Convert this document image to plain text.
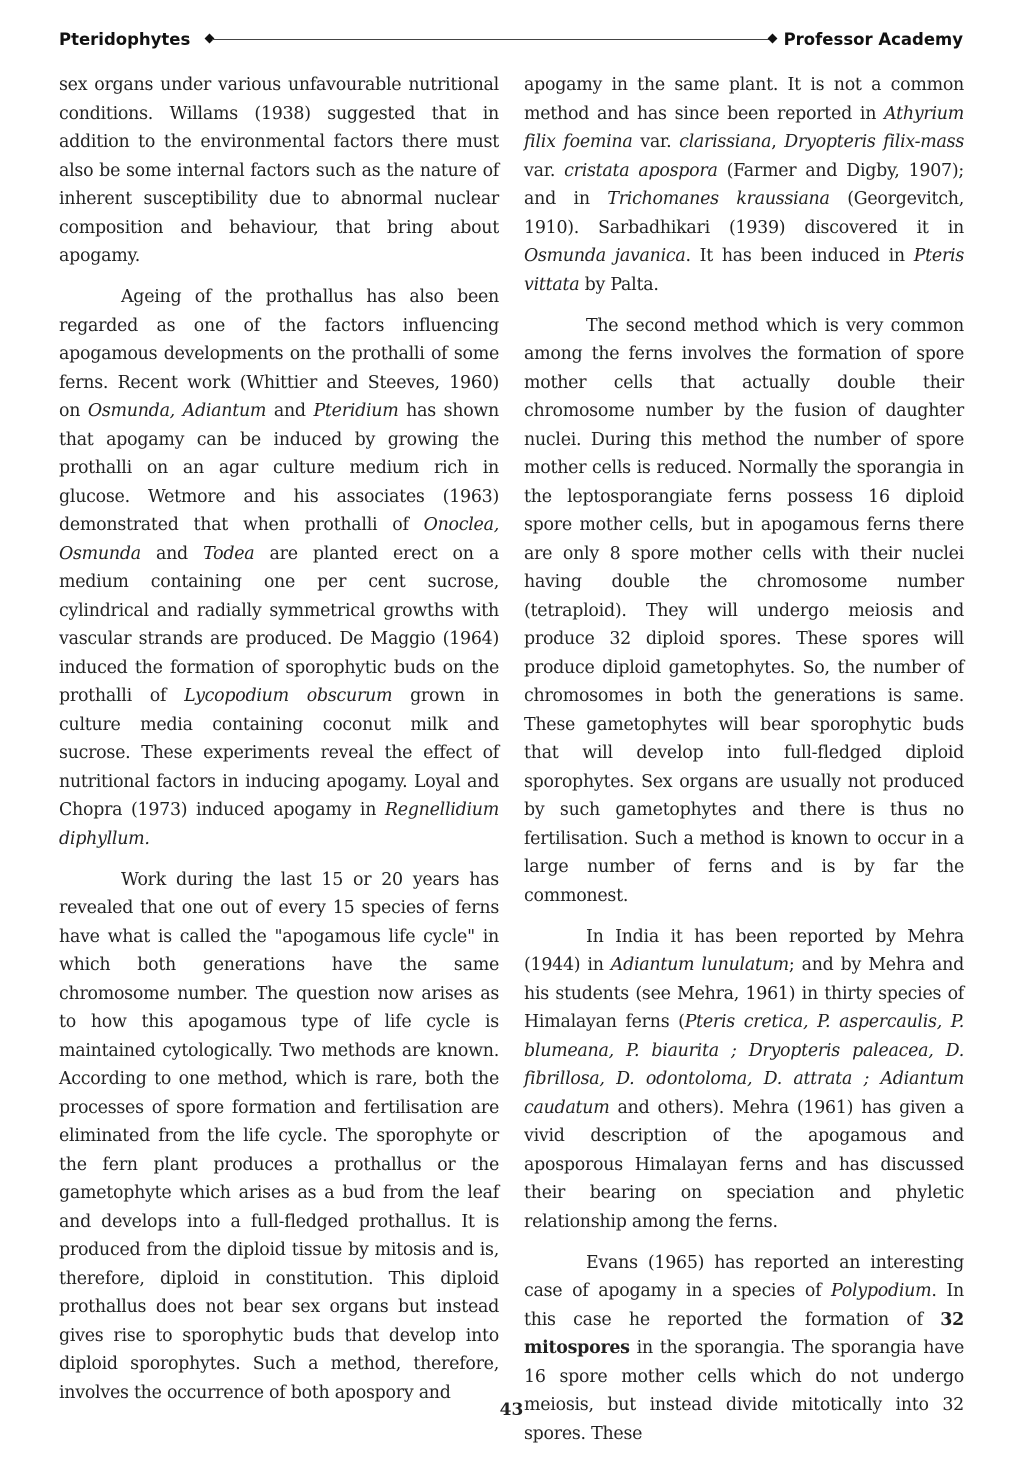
Pteridophytes	Professor Academy

sex organs under various unfavourable nutritional conditions. Willams (1938) suggested that in addition to the environmental factors there must also be some internal factors such as the nature of inherent susceptibility due to abnormal nuclear composition and behaviour, that bring about apogamy.

Ageing of the prothallus has also been regarded as one of the factors influencing apogamous developments on the prothalli of some ferns. Recent work (Whittier and Steeves, 1960) on Osmunda, Adiantum and Pteridium has shown that apogamy can be induced by growing the prothalli on an agar culture medium rich in glucose. Wetmore and his associates (1963) demonstrated that when prothalli of Onoclea, Osmunda and Todea are planted erect on a medium containing one per cent sucrose, cylindrical and radially symmetrical growths with vascular strands are produced. De Maggio (1964) induced the formation of sporophytic buds on the prothalli of Lycopodium obscurum grown in culture media containing coconut milk and sucrose. These experiments reveal the effect of nutritional factors in inducing apogamy. Loyal and Chopra (1973) induced apogamy in Regnellidium diphyllum.

Work during the last 15 or 20 years has revealed that one out of every 15 species of ferns have what is called the "apogamous life cycle" in which both generations have the same chromosome number. The question now arises as to how this apogamous type of life cycle is maintained cytologically. Two methods are known. According to one method, which is rare, both the processes of spore formation and fertilisation are eliminated from the life cycle. The sporophyte or the fern plant produces a prothallus or the gametophyte which arises as a bud from the leaf and develops into a full-fledged prothallus. It is produced from the diploid tissue by mitosis and is, therefore, diploid in constitution. This diploid prothallus does not bear sex organs but instead gives rise to sporophytic buds that develop into diploid sporophytes. Such a method, therefore, involves the occurrence of both apospory and

apogamy in the same plant. It is not a common method and has since been reported in Athyrium filix foemina var. clarissiana, Dryopteris filix-mass var. cristata apospora (Farmer and Digby, 1907); and in Trichomanes kraussiana (Georgevitch, 1910). Sarbadhikari (1939) discovered it in Osmunda javanica. It has been induced in Pteris vittata by Palta.

The second method which is very common among the ferns involves the formation of spore mother cells that actually double their chromosome number by the fusion of daughter nuclei. During this method the number of spore mother cells is reduced. Normally the sporangia in the leptosporangiate ferns possess 16 diploid spore mother cells, but in apogamous ferns there are only 8 spore mother cells with their nuclei having double the chromosome number (tetraploid). They will undergo meiosis and produce 32 diploid spores. These spores will produce diploid gametophytes. So, the number of chromosomes in both the generations is same. These gametophytes will bear sporophytic buds that will develop into full-fledged diploid sporophytes. Sex organs are usually not produced by such gametophytes and there is thus no fertilisation. Such a method is known to occur in a large number of ferns and is by far the commonest.

In India it has been reported by Mehra (1944) in Adiantum lunulatum; and by Mehra and his students (see Mehra, 1961) in thirty species of Himalayan ferns (Pteris cretica, P. aspercaulis, P. blumeana, P. biaurita ; Dryopteris paleacea, D. fibrillosa, D. odontoloma, D. attrata ; Adiantum caudatum and others). Mehra (1961) has given a vivid description of the apogamous and aposporous Himalayan ferns and has discussed their bearing on speciation and phyletic relationship among the ferns.

Evans (1965) has reported an interesting case of apogamy in a species of Polypodium. In this case he reported the formation of 32 mitospores in the sporangia. The sporangia have 16 spore mother cells which do not undergo meiosis, but instead divide mitotically into 32 spores. These

43
